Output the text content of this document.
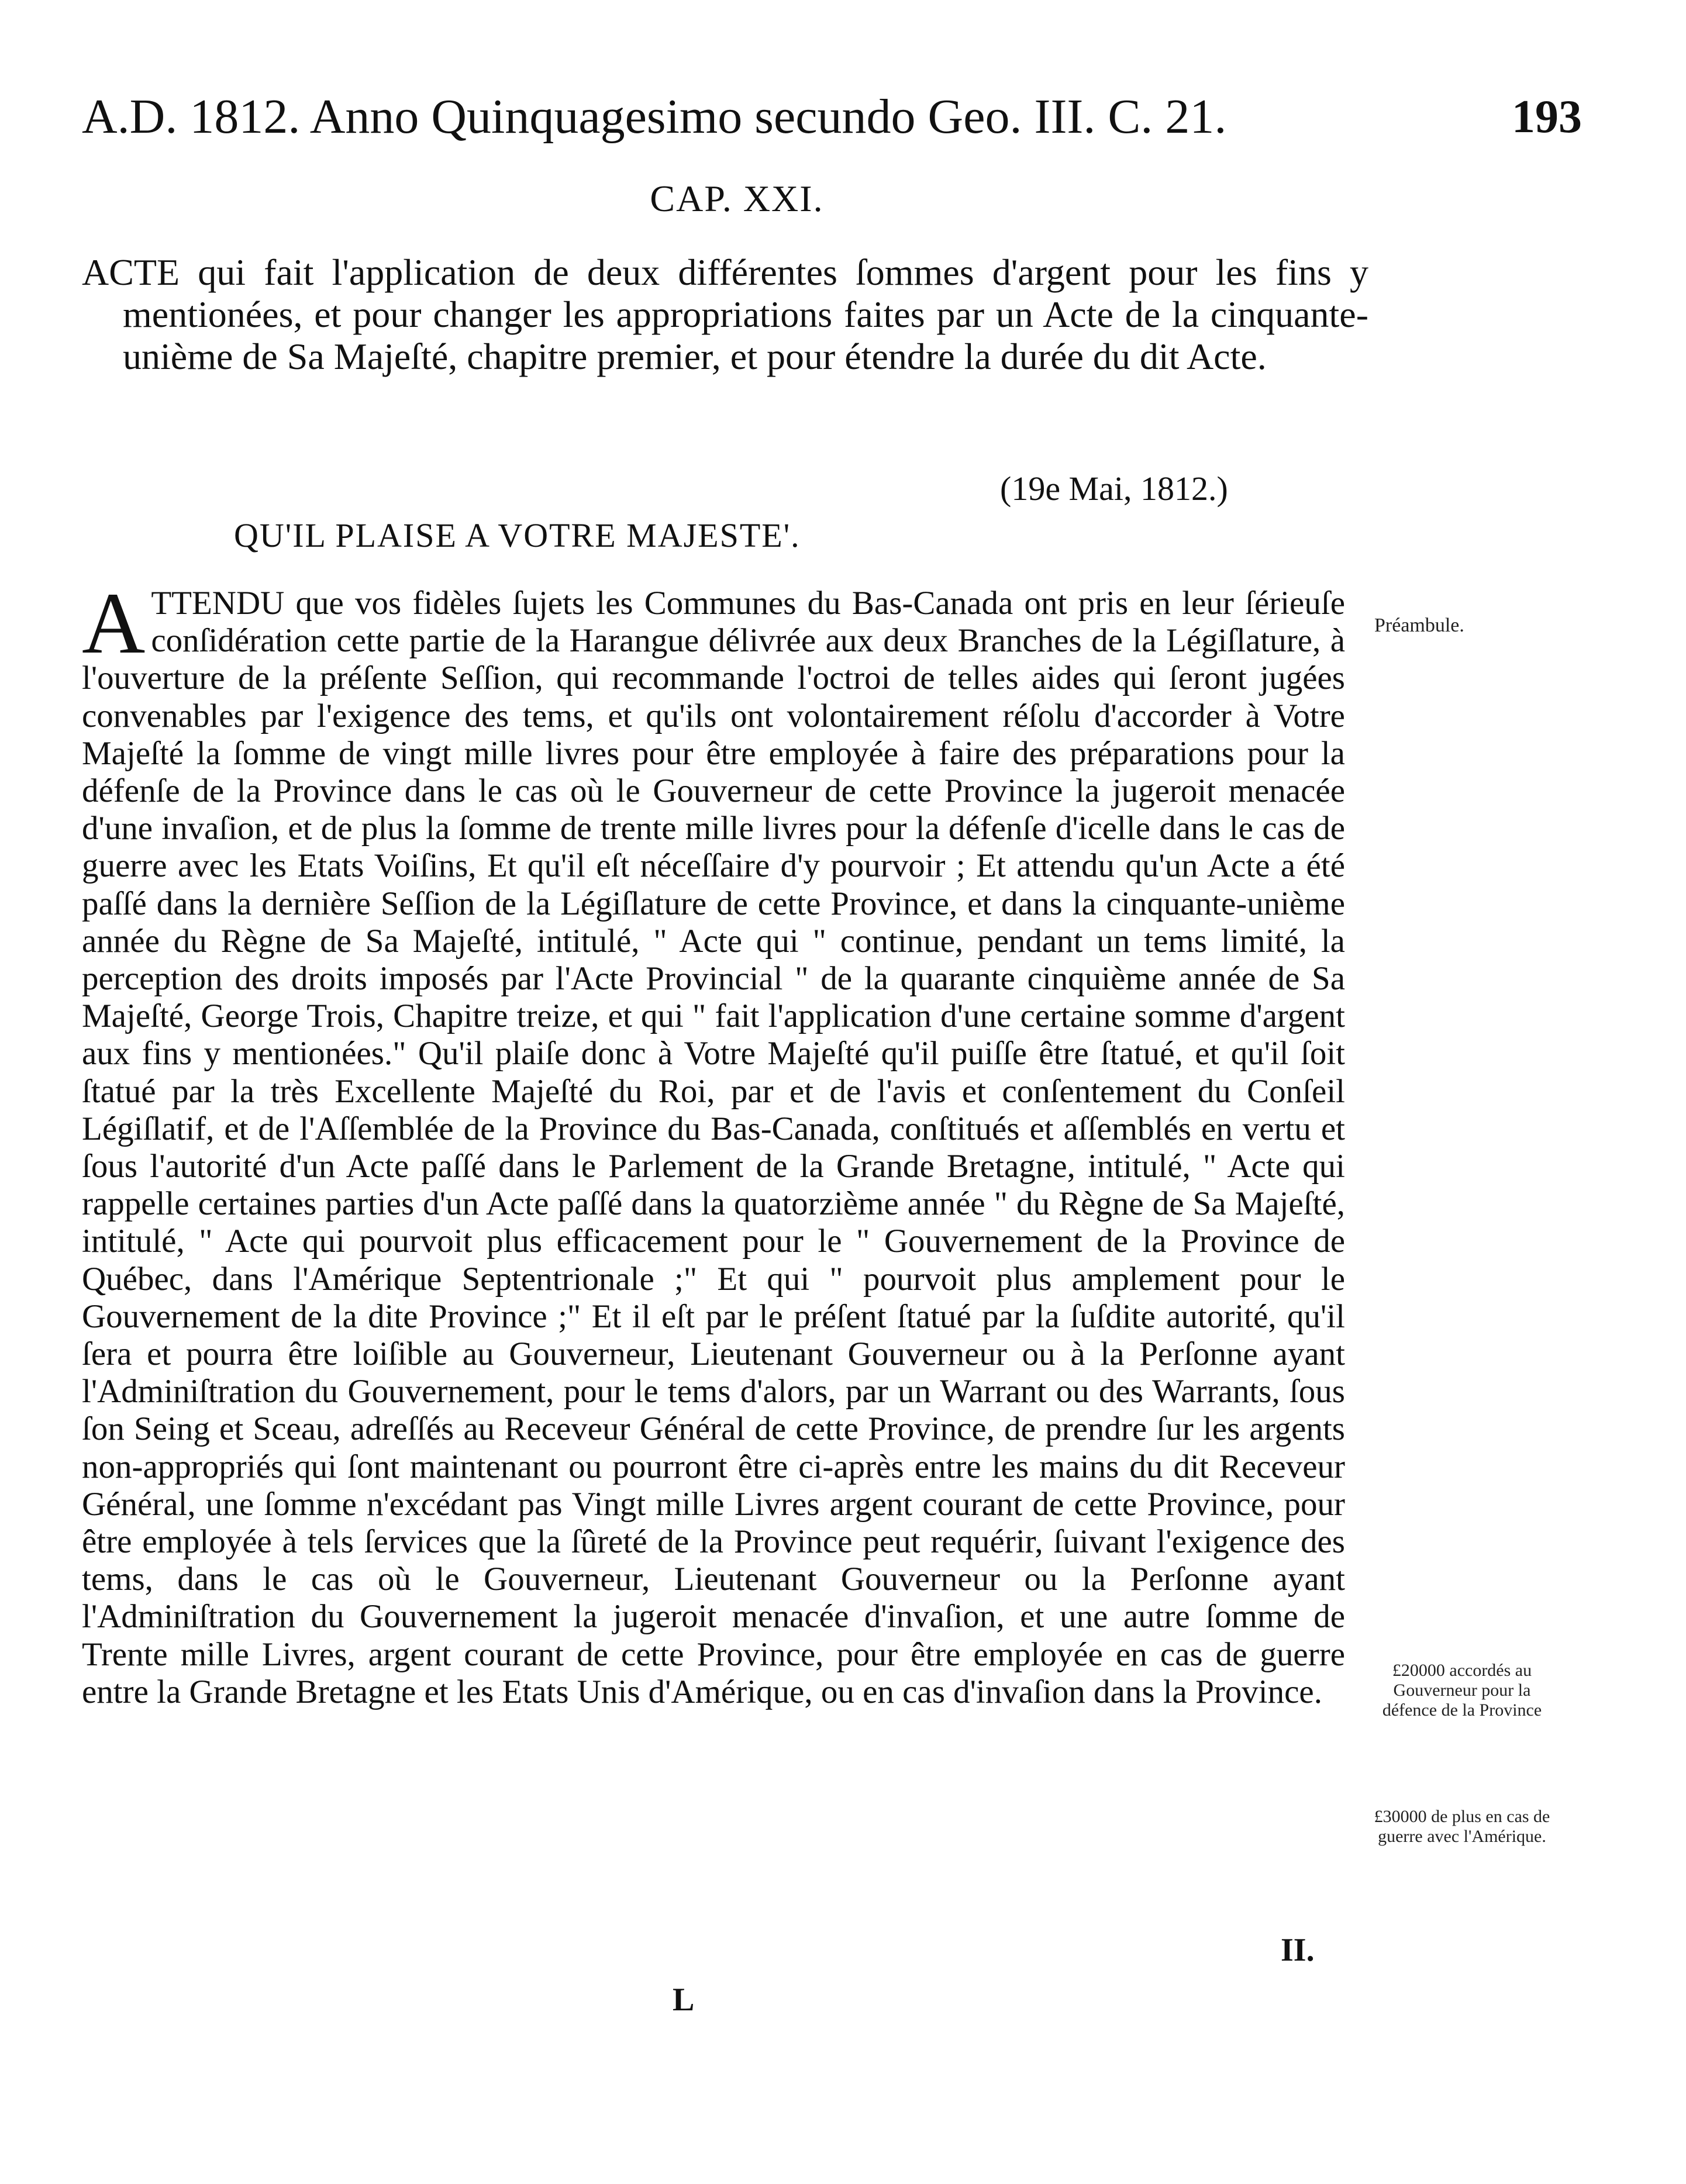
A.D. 1812. Anno Quinquagesimo secundo Geo. III. C. 21.	193
CAP. XXI.
ACTE qui fait l'application de deux différentes ſommes d'argent pour les fins y mentionées, et pour changer les appropriations faites par un Acte de la cinquante-unième de Sa Majeſté, chapitre premier, et pour étendre la durée du dit Acte.
(19e Mai, 1812.)
QU'IL PLAISE A VOTRE MAJESTE'.
ATTENDU que vos fidèles ſujets les Communes du Bas-Canada ont pris en leur ſérieuſe conſidération cette partie de la Harangue délivrée aux deux Branches de la Légiſlature, à l'ouverture de la préſente Seſſion, qui recommande l'octroi de telles aides qui ſeront jugées convenables par l'exigence des tems, et qu'ils ont volontairement réſolu d'accorder à Votre Majeſté la ſomme de vingt mille livres pour être employée à faire des préparations pour la défenſe de la Province dans le cas où le Gouverneur de cette Province la jugeroit menacée d'une invaſion, et de plus la ſomme de trente mille livres pour la défenſe d'icelle dans le cas de guerre avec les Etats Voiſins, Et qu'il eſt néceſſaire d'y pourvoir ; Et attendu qu'un Acte a été paſſé dans la dernière Seſſion de la Légiſlature de cette Province, et dans la cinquante-unième année du Règne de Sa Majeſté, intitulé, " Acte qui " continue, pendant un tems limité, la perception des droits imposés par l'Acte Provincial " de la quarante cinquième année de Sa Majeſté, George Trois, Chapitre treize, et qui " fait l'application d'une certaine somme d'argent aux fins y mentionées." Qu'il plaiſe donc à Votre Majeſté qu'il puiſſe être ſtatué, et qu'il ſoit ſtatué par la très Excellente Majeſté du Roi, par et de l'avis et conſentement du Conſeil Légiſlatif, et de l'Aſſemblée de la Province du Bas-Canada, conſtitués et aſſemblés en vertu et ſous l'autorité d'un Acte paſſé dans le Parlement de la Grande Bretagne, intitulé, " Acte qui rappelle certaines parties d'un Acte paſſé dans la quatorzième année " du Règne de Sa Majeſté, intitulé, " Acte qui pourvoit plus efficacement pour le " Gouvernement de la Province de Québec, dans l'Amérique Septentrionale ;" Et qui " pourvoit plus amplement pour le Gouvernement de la dite Province ;" Et il eſt par le préſent ſtatué par la ſuſdite autorité, qu'il ſera et pourra être loiſible au Gouverneur, Lieutenant Gouverneur ou à la Perſonne ayant l'Adminiſtration du Gouvernement, pour le tems d'alors, par un Warrant ou des Warrants, ſous ſon Seing et Sceau, adreſſés au Receveur Général de cette Province, de prendre ſur les argents non-appropriés qui ſont maintenant ou pourront être ci-après entre les mains du dit Receveur Général, une ſomme n'excédant pas Vingt mille Livres argent courant de cette Province, pour être employée à tels ſervices que la ſûreté de la Province peut requérir, ſuivant l'exigence des tems, dans le cas où le Gouverneur, Lieutenant Gouverneur ou la Perſonne ayant l'Adminiſtration du Gouvernement la jugeroit menacée d'invaſion, et une autre ſomme de Trente mille Livres, argent courant de cette Province, pour être employée en cas de guerre entre la Grande Bretagne et les Etats Unis d'Amérique, ou en cas d'invaſion dans la Province.
Préambule.
£20000 accordés au Gouverneur pour la défence de la Province
£30000 de plus en cas de guerre avec l'Amérique.
II.
L
